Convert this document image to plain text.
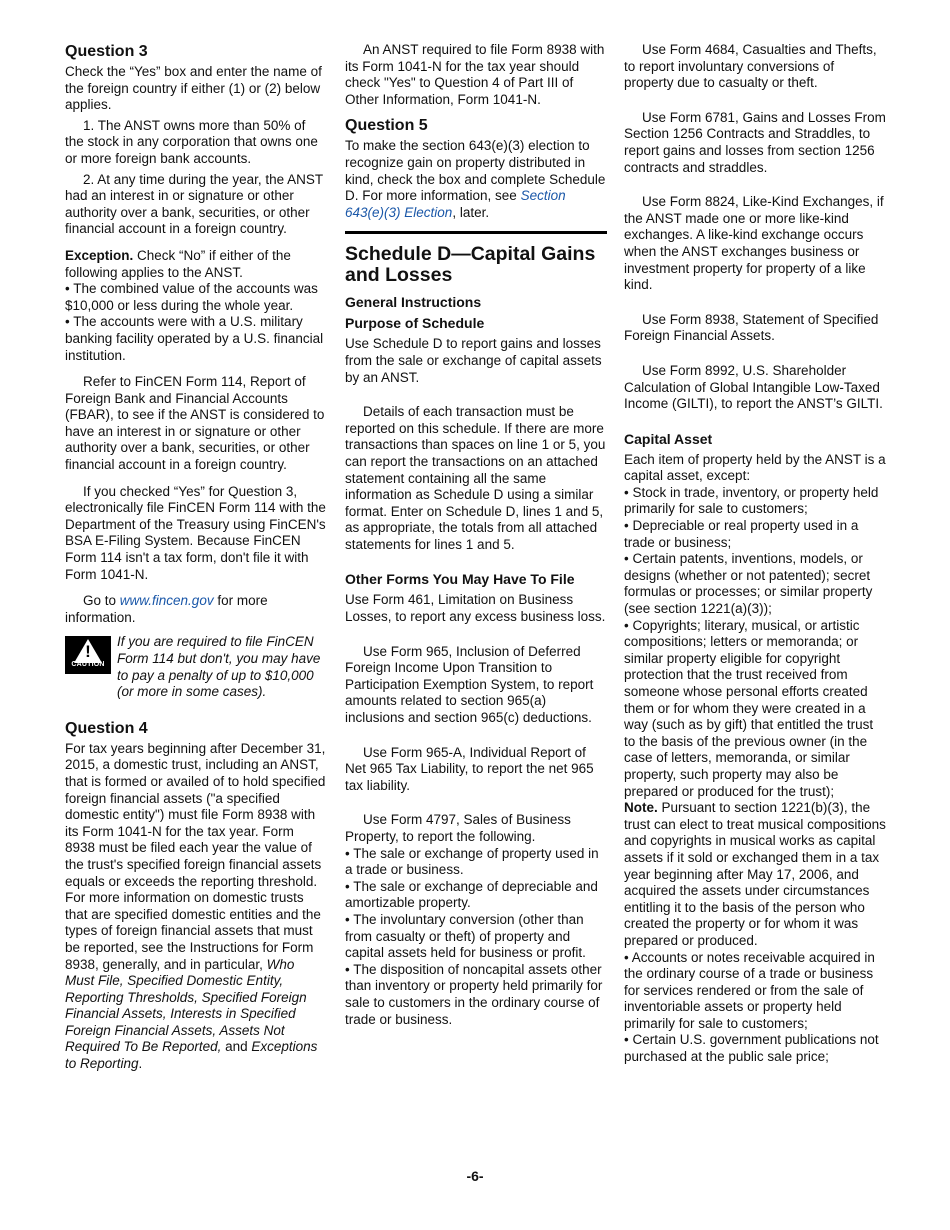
Question 3

Check the “Yes” box and enter the name of the foreign country if either (1) or (2) below applies.

1. The ANST owns more than 50% of the stock in any corporation that owns one or more foreign bank accounts.

2. At any time during the year, the ANST had an interest in or signature or other authority over a bank, securities, or other financial account in a foreign country.

Exception. Check “No” if either of the following applies to the ANST.

• The combined value of the accounts was $10,000 or less during the whole year.

• The accounts were with a U.S. military banking facility operated by a U.S. financial institution.

Refer to FinCEN Form 114, Report of Foreign Bank and Financial Accounts (FBAR), to see if the ANST is considered to have an interest in or signature or other authority over a bank, securities, or other financial account in a foreign country.

If you checked “Yes” for Question 3, electronically file FinCEN Form 114 with the Department of the Treasury using FinCEN's BSA E-Filing System. Because FinCEN Form 114 isn't a tax form, don't file it with Form 1041-N.

Go to www.fincen.gov for more information.

!
CAUTION

If you are required to file FinCEN Form 114 but don't, you may have to pay a penalty of up to $10,000 (or more in some cases).

Question 4

For tax years beginning after December 31, 2015, a domestic trust, including an ANST, that is formed or availed of to hold specified foreign financial assets ("a specified domestic entity") must file Form 8938 with its Form 1041-N for the tax year. Form 8938 must be filed each year the value of the trust's specified foreign financial assets equals or exceeds the reporting threshold. For more information on domestic trusts that are specified domestic entities and the types of foreign financial assets that must be reported, see the Instructions for Form 8938, generally, and in particular, Who Must File, Specified Domestic Entity, Reporting Thresholds, Specified Foreign Financial Assets, Interests in Specified Foreign Financial Assets, Assets Not Required To Be Reported, and Exceptions to Reporting.

An ANST required to file Form 8938 with its Form 1041-N for the tax year should check "Yes" to Question 4 of Part III of Other Information, Form 1041-N.

Question 5

To make the section 643(e)(3) election to recognize gain on property distributed in kind, check the box and complete Schedule D. For more information, see Section 643(e)(3) Election, later.

Schedule D—Capital Gains and Losses
General Instructions
Purpose of Schedule

Use Schedule D to report gains and losses from the sale or exchange of capital assets by an ANST.

Details of each transaction must be reported on this schedule. If there are more transactions than spaces on line 1 or 5, you can report the transactions on an attached statement containing all the same information as Schedule D using a similar format. Enter on Schedule D, lines 1 and 5, as appropriate, the totals from all attached statements for lines 1 and 5.

Other Forms You May Have To File

Use Form 461, Limitation on Business Losses, to report any excess business loss.

Use Form 965, Inclusion of Deferred Foreign Income Upon Transition to Participation Exemption System, to report amounts related to section 965(a) inclusions and section 965(c) deductions.

Use Form 965-A, Individual Report of Net 965 Tax Liability, to report the net 965 tax liability.

Use Form 4797, Sales of Business Property, to report the following.

• The sale or exchange of property used in a trade or business.

• The sale or exchange of depreciable and amortizable property.

• The involuntary conversion (other than from casualty or theft) of property and capital assets held for business or profit.

• The disposition of noncapital assets other than inventory or property held primarily for sale to customers in the ordinary course of trade or business.

Use Form 4684, Casualties and Thefts, to report involuntary conversions of property due to casualty or theft.

Use Form 6781, Gains and Losses From Section 1256 Contracts and Straddles, to report gains and losses from section 1256 contracts and straddles.

Use Form 8824, Like-Kind Exchanges, if the ANST made one or more like-kind exchanges. A like-kind exchange occurs when the ANST exchanges business or investment property for property of a like kind.

Use Form 8938, Statement of Specified Foreign Financial Assets.

Use Form 8992, U.S. Shareholder Calculation of Global Intangible Low-Taxed Income (GILTI), to report the ANST’s GILTI.

Capital Asset

Each item of property held by the ANST is a capital asset, except:

• Stock in trade, inventory, or property held primarily for sale to customers;

• Depreciable or real property used in a trade or business;

• Certain patents, inventions, models, or designs (whether or not patented); secret formulas or processes; or similar property (see section 1221(a)(3));

• Copyrights; literary, musical, or artistic compositions; letters or memoranda; or similar property eligible for copyright protection that the trust received from someone whose personal efforts created them or for whom they were created in a way (such as by gift) that entitled the trust to the basis of the previous owner (in the case of letters, memoranda, or similar property, such property may also be prepared or produced for the trust);

Note. Pursuant to section 1221(b)(3), the trust can elect to treat musical compositions and copyrights in musical works as capital assets if it sold or exchanged them in a tax year beginning after May 17, 2006, and acquired the assets under circumstances entitling it to the basis of the person who created the property or for whom it was prepared or produced.

• Accounts or notes receivable acquired in the ordinary course of a trade or business for services rendered or from the sale of inventoriable assets or property held primarily for sale to customers;

• Certain U.S. government publications not purchased at the public sale price;

-6-
